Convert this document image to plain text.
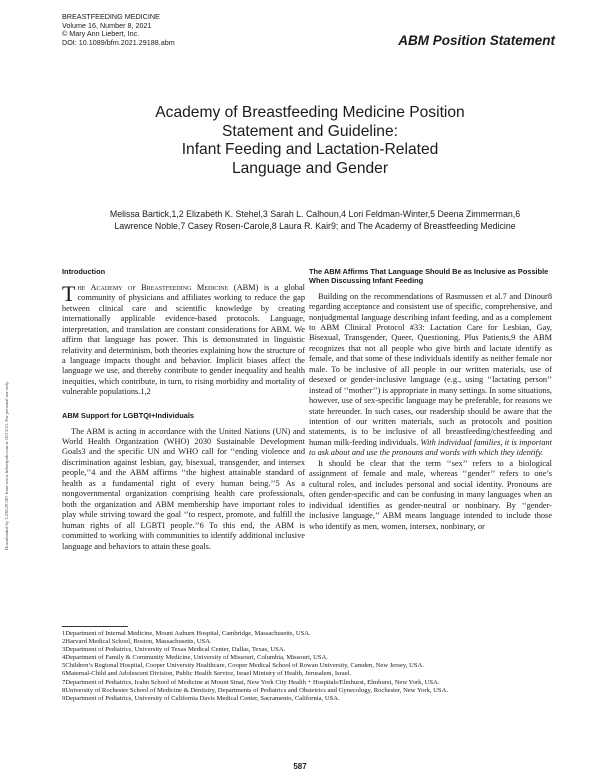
BREASTFEEDING MEDICINE
Volume 16, Number 8, 2021
© Mary Ann Liebert, Inc.
DOI: 10.1089/bfm.2021.29188.abm	ABM Position Statement
Academy of Breastfeeding Medicine Position
Statement and Guideline:
Infant Feeding and Lactation-Related
Language and Gender
Melissa Bartick,1,2 Elizabeth K. Stehel,3 Sarah L. Calhoun,4 Lori Feldman-Winter,5 Deena Zimmerman,6
Lawrence Noble,7 Casey Rosen-Carole,8 Laura R. Kair9; and The Academy of Breastfeeding Medicine
Downloaded by 3.238.29.207 from www.liebertpub.com at 10/13/21. For personal use only.
Introduction

The Academy of Breastfeeding Medicine (ABM) is a global community of physicians and affiliates working to reduce the gap between clinical care and scientific knowledge by creating internationally applicable evidence-based protocols. Language, interpretation, and translation are constant considerations for ABM. We affirm that language has power. This is demonstrated in linguistic relativity and determinism, both theories explaining how the structure of a language impacts thought and behavior. Implicit biases affect the language we use, and thereby contribute to gender inequality and health inequities, which contribute, in turn, to rising morbidity and mortality of vulnerable populations.1,2

ABM Support for LGBTQI+Individuals

The ABM is acting in accordance with the United Nations (UN) and World Health Organization (WHO) 2030 Sustainable Development Goals3 and the specific UN and WHO call for ‘‘ending violence and discrimination against lesbian, gay, bisexual, transgender, and intersex people,’’4 and the ABM affirms ‘‘the highest attainable standard of health as a fundamental right of every human being.’’5 As a nongovernmental organization comprising health care professionals, both the organization and ABM membership have important roles to play while striving toward the goal ‘‘to respect, promote, and fulfill the human rights of all LGBTI people.’’6 To this end, the ABM is committed to working with communities to identify additional inclusive language and behaviors to attain these goals.

The ABM Affirms That Language Should Be as Inclusive as Possible When Discussing Infant Feeding

Building on the recommendations of Rasmussen et al.7 and Dinour8 regarding acceptance and consistent use of specific, comprehensive, and nonjudgmental language describing infant feeding, and as a complement to ABM Clinical Protocol #33: Lactation Care for Lesbian, Gay, Bisexual, Transgender, Queer, Questioning, Plus Patients,9 the ABM recognizes that not all people who give birth and lactate identify as female, and that some of these individuals identify as neither female nor male. To be inclusive of all people in our written materials, use of desexed or gender-inclusive language (e.g., using ‘‘lactating person’’ instead of ‘‘mother’’) is appropriate in many settings. In some situations, however, use of sex-specific language may be preferable, for reasons we state hereunder. In such cases, our readership should be aware that the intention of our written materials, such as protocols and position statements, is to be inclusive of all breastfeeding/chestfeeding and human milk-feeding individuals. With individual families, it is important to ask about and use the pronouns and words with which they identify.

It should be clear that the term ‘‘sex’’ refers to a biological assignment of female and male, whereas ‘‘gender’’ refers to one’s cultural roles, and includes personal and social identity. Pronouns are often gender-specific and can be confusing in many languages when an individual identifies as gender-neutral or nonbinary. By ‘‘gender-inclusive language,’’ ABM means language intended to include those who identify as men, women, intersex, nonbinary, or

1Department of Internal Medicine, Mount Auburn Hospital, Cambridge, Massachusetts, USA.

2Harvard Medical School, Boston, Massachusetts, USA.

3Department of Pediatrics, University of Texas Medical Center, Dallas, Texas, USA.

4Department of Family & Community Medicine, University of Missouri, Columbia, Missouri, USA.

5Children’s Regional Hospital, Cooper University Healthcare, Cooper Medical School of Rowan University, Camden, New Jersey, USA.

6Maternal-Child and Adolescent Division, Public Health Service, Israel Ministry of Health, Jerusalem, Israel.

7Department of Pediatrics, Icahn School of Medicine at Mount Sinai, New York City Health + Hospitals/Elmhurst, Elmhurst, New York, USA.

8University of Rochester School of Medicine & Dentistry, Departments of Pediatrics and Obstetrics and Gynecology, Rochester, New York, USA.

9Department of Pediatrics, University of California Davis Medical Center, Sacramento, California, USA.

587
